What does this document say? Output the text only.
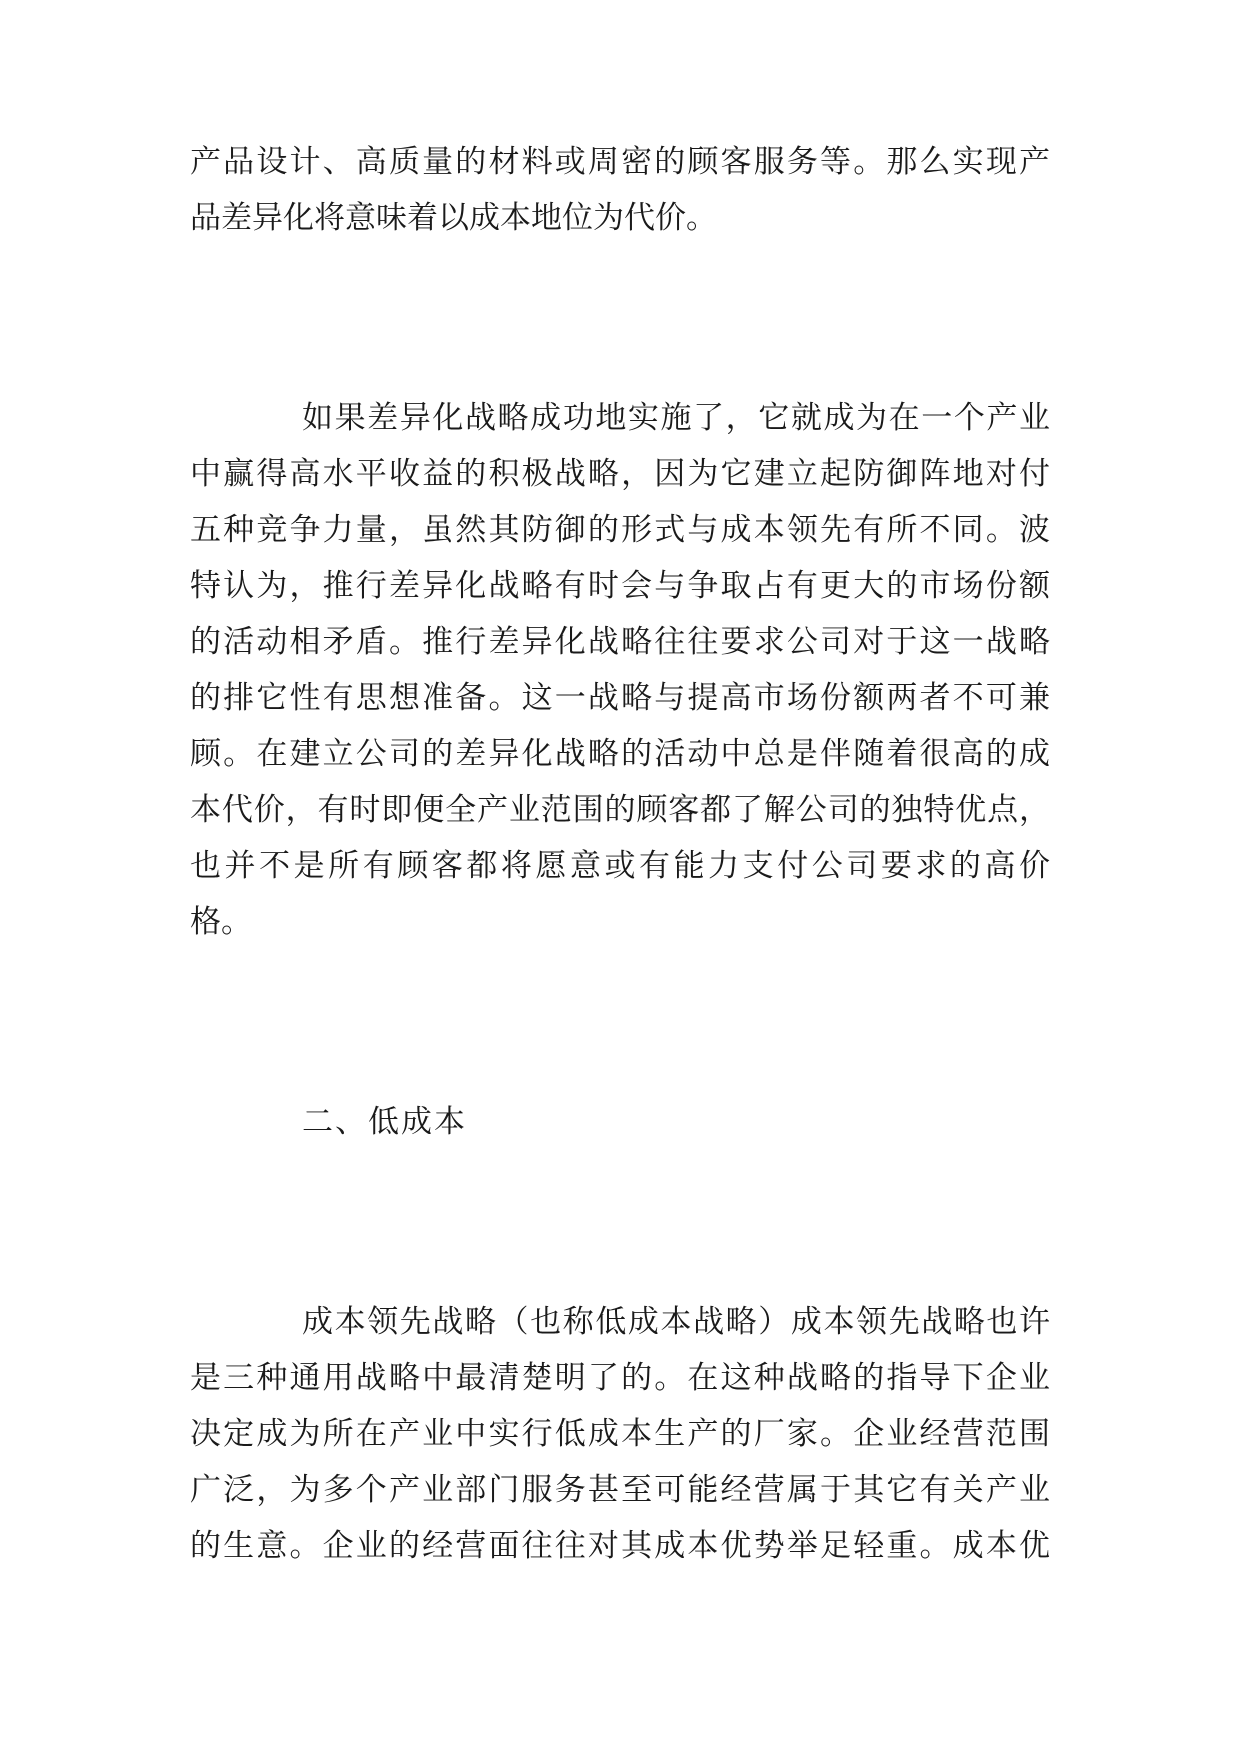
产品设计、高质量的材料或周密的顾客服务等。那么实现产
品差异化将意味着以成本地位为代价。
如果差异化战略成功地实施了，它就成为在一个产业
中赢得高水平收益的积极战略，因为它建立起防御阵地对付
五种竞争力量，虽然其防御的形式与成本领先有所不同。波
特认为，推行差异化战略有时会与争取占有更大的市场份额
的活动相矛盾。推行差异化战略往往要求公司对于这一战略
的排它性有思想准备。这一战略与提高市场份额两者不可兼
顾。在建立公司的差异化战略的活动中总是伴随着很高的成
本代价，有时即便全产业范围的顾客都了解公司的独特优点，
也并不是所有顾客都将愿意或有能力支付公司要求的高价
格。
二、低成本
成本领先战略（也称低成本战略）成本领先战略也许
是三种通用战略中最清楚明了的。在这种战略的指导下企业
决定成为所在产业中实行低成本生产的厂家。企业经营范围
广泛，为多个产业部门服务甚至可能经营属于其它有关产业
的生意。企业的经营面往往对其成本优势举足轻重。成本优
